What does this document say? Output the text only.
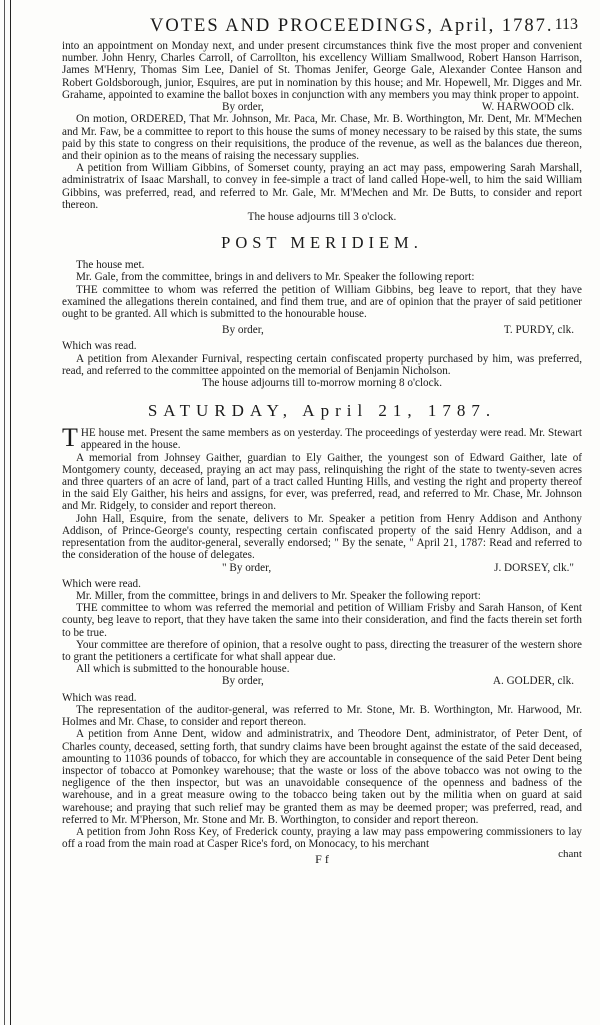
VOTES AND PROCEEDINGS, April, 1787. 113

into an appointment on Monday next, and under present circumstances think five the most proper and convenient number. John Henry, Charles Carroll, of Carrollton, his excellency William Smallwood, Robert Hanson Harrison, James M'Henry, Thomas Sim Lee, Daniel of St. Thomas Jenifer, George Gale, Alexander Contee Hanson and Robert Goldsborough, junior, Esquires, are put in nomination by this house; and Mr. Hopewell, Mr. Digges and Mr. Grahame, appointed to examine the ballot boxes in conjunction with any members you may think proper to appoint.

By order,	W. HARWOOD clk.

On motion, ORDERED, That Mr. Johnson, Mr. Paca, Mr. Chase, Mr. B. Worthington, Mr. Dent, Mr. M'Mechen and Mr. Faw, be a committee to report to this house the sums of money necessary to be raised by this state, the sums paid by this state to congress on their requisitions, the produce of the revenue, as well as the balances due thereon, and their opinion as to the means of raising the necessary supplies.

A petition from William Gibbins, of Somerset county, praying an act may pass, empowering Sarah Marshall, administratrix of Isaac Marshall, to convey in fee-simple a tract of land called Hope-well, to him the said William Gibbins, was preferred, read, and referred to Mr. Gale, Mr. M'Mechen and Mr. De Butts, to consider and report thereon.

The house adjourns till 3 o'clock.
POST MERIDIEM.

The house met.

Mr. Gale, from the committee, brings in and delivers to Mr. Speaker the following report:

THE committee to whom was referred the petition of William Gibbins, beg leave to report, that they have examined the allegations therein contained, and find them true, and are of opinion that the prayer of said petitioner ought to be granted. All which is submitted to the honourable house.

By order,	T. PURDY, clk.

Which was read.

A petition from Alexander Furnival, respecting certain confiscated property purchased by him, was preferred, read, and referred to the committee appointed on the memorial of Benjamin Nicholson.

The house adjourns till to-morrow morning 8 o'clock.
SATURDAY, April 21, 1787.

THE house met. Present the same members as on yesterday. The proceedings of yesterday were read. Mr. Stewart appeared in the house.

A memorial from Johnsey Gaither, guardian to Ely Gaither, the youngest son of Edward Gaither, late of Montgomery county, deceased, praying an act may pass, relinquishing the right of the state to twenty-seven acres and three quarters of an acre of land, part of a tract called Hunting Hills, and vesting the right and property thereof in the said Ely Gaither, his heirs and assigns, for ever, was preferred, read, and referred to Mr. Chase, Mr. Johnson and Mr. Ridgely, to consider and report thereon.

John Hall, Esquire, from the senate, delivers to Mr. Speaker a petition from Henry Addison and Anthony Addison, of Prince-George's county, respecting certain confiscated property of the said Henry Addison, and a representation from the auditor-general, severally endorsed; " By the senate, " April 21, 1787: Read and referred to the consideration of the house of delegates.

" By order,	J. DORSEY, clk."

Which were read.

Mr. Miller, from the committee, brings in and delivers to Mr. Speaker the following report:

THE committee to whom was referred the memorial and petition of William Frisby and Sarah Hanson, of Kent county, beg leave to report, that they have taken the same into their consideration, and find the facts therein set forth to be true.

Your committee are therefore of opinion, that a resolve ought to pass, directing the treasurer of the western shore to grant the petitioners a certificate for what shall appear due.

All which is submitted to the honourable house.

By order,	A. GOLDER, clk.

Which was read.

The representation of the auditor-general, was referred to Mr. Stone, Mr. B. Worthington, Mr. Harwood, Mr. Holmes and Mr. Chase, to consider and report thereon.

A petition from Anne Dent, widow and administratrix, and Theodore Dent, administrator, of Peter Dent, of Charles county, deceased, setting forth, that sundry claims have been brought against the estate of the said deceased, amounting to 11036 pounds of tobacco, for which they are accountable in consequence of the said Peter Dent being inspector of tobacco at Pomonkey warehouse; that the waste or loss of the above tobacco was not owing to the negligence of the then inspector, but was an unavoidable consequence of the openness and badness of the warehouse, and in a great measure owing to the tobacco being taken out by the militia when on guard at said warehouse; and praying that such relief may be granted them as may be deemed proper; was preferred, read, and referred to Mr. M'Pherson, Mr. Stone and Mr. B. Worthington, to consider and report thereon.

A petition from John Ross Key, of Frederick county, praying a law may pass empowering commissioners to lay off a road from the main road at Casper Rice's ford, on Monocacy, to his merchant

F f	chant
